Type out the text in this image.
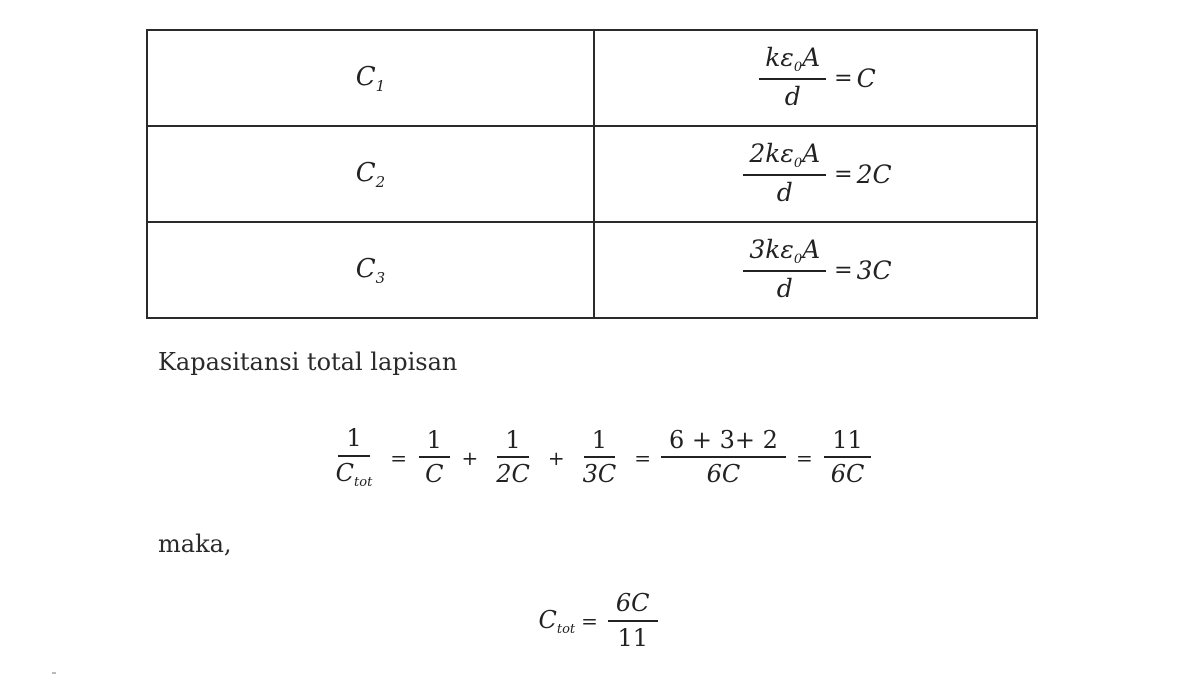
$C_1$	$\frac{k\varepsilon_0A}{d} = C$

$C_2$	$\frac{2k\varepsilon_0A}{d} = 2C$

$C_3$	$\frac{3k\varepsilon_0A}{d} = 3C$
Kapasitansi total lapisan
$\frac{1}{C_{tot}} = \frac{1}{C} + \frac{1}{2C} + \frac{1}{3C} = \frac{6 + 3+ 2}{6C} = \frac{11}{6C}$
maka,
$C_{tot} = \frac{6C}{11}$
